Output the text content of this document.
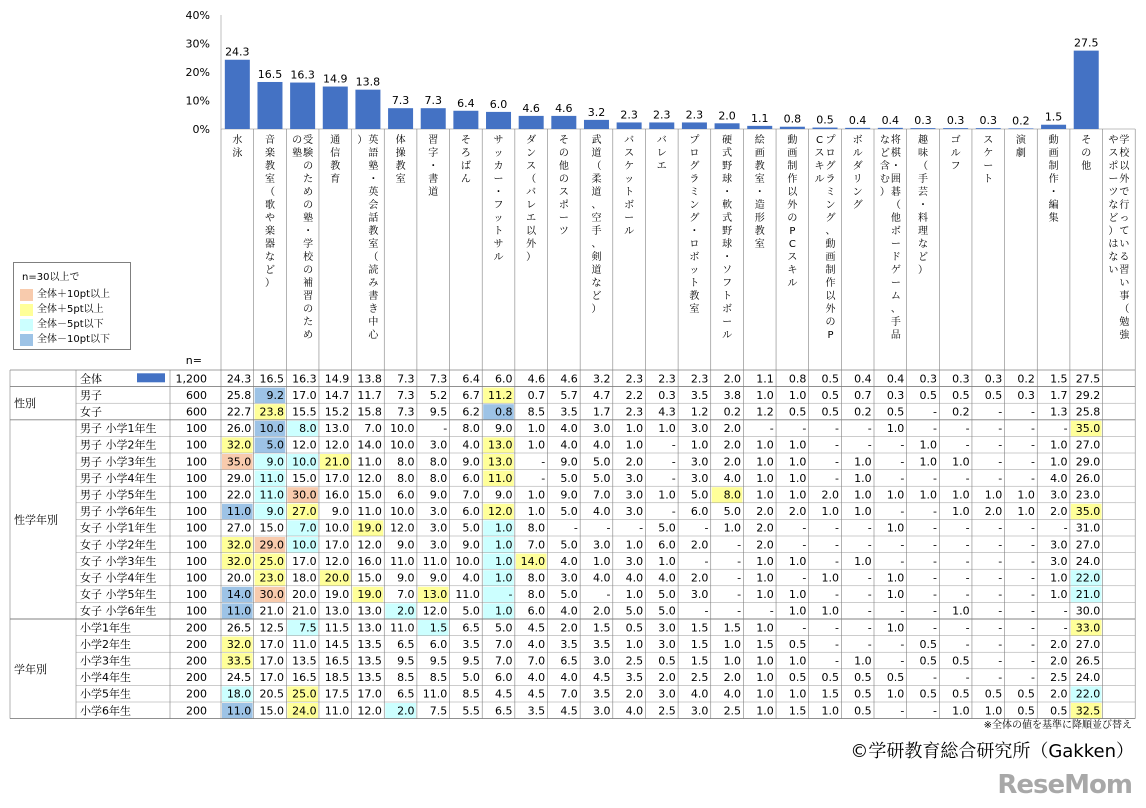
0%
10%
20%
30%
40%
24.3
16.5 16.3 14.9 13.8
7.3 7.3 6.4 6.0 4.6 4.6 3.2 2.3 2.3 2.3 2.0 1.1 0.8 0.5 0.4 0.4 0.3 0.3 0.3 0.2 1.5
27.5
水泳
音楽教室（歌や楽器など）
受験のための塾・学校の補習のため
の塾
通信教育
英語塾・英会話教室（読み書き中心
）	体操教室
習字・書道
そろばん
サッカー・フットサル
ダンス（バレエ以外）
その他のスポーツ
武道（柔道、空手、剣道など）
バスケットボール
バレエ
プログラミング・ロボット教室
硬式野球・軟式野球・ソフトボール
絵画教室・造形教室
動画制作以外の P C スキル
プログラミング、動画制作以外の P
C スキル
ボルダリング
将棋・囲碁（他ボードゲーム、手品
など含む）
趣味（手芸・料理など）
ゴルフ
スケート
演劇
動画制作・編集
その他
学校以外で行っている習い事（勉強
やスポーツなど）はない
n=
全体	1,200 24.3 16.5 16.3 14.9 13.8 7.3 7.3 6.4 6.0 4.6 4.6 3.2 2.3 2.3 2.3 2.0 1.1 0.8 0.5 0.4 0.4 0.3 0.3 0.3 0.2 1.5 27.5
男子	600 25.8 9.2 17.0 14.7 11.7 7.3 5.2 6.7 11.2 0.7 5.7 4.7 2.2 0.3 3.5 3.8 1.0 1.0 0.5 0.7 0.3 0.5 0.5 0.5 0.3 1.7 29.2
女子	600 22.7 23.8 15.5 15.2 15.8 7.3 9.5 6.2 0.8 8.5 3.5 1.7 2.3 4.3 1.2 0.2 1.2 0.5 0.5 0.2 0.5	- 0.2	-	- 1.3 25.8
男子 小学1年生	100 26.0 10.0 8.0 13.0 7.0 10.0	- 8.0 9.0 1.0 4.0 3.0 1.0 1.0 3.0 2.0	-	-	-	- 1.0	-	-	-	-	- 35.0
男子 小学2年生	100 32.0 5.0 12.0 12.0 14.0 10.0 3.0 4.0 13.0 1.0 4.0 4.0 1.0	- 1.0 2.0 1.0 1.0	-	-	- 1.0	-	-	- 1.0 27.0
男子 小学3年生	100 35.0 9.0 10.0 21.0 11.0 8.0 8.0 9.0 13.0	- 9.0 5.0 2.0	- 3.0 2.0 1.0 1.0	- 1.0	- 1.0 1.0	-	- 1.0 29.0
男子 小学4年生	100 29.0 11.0 15.0 17.0 12.0 8.0 8.0 6.0 11.0	- 5.0 5.0 3.0	- 3.0 4.0 1.0 1.0	- 1.0	-	-	-	-	- 4.0 26.0
男子 小学5年生	100 22.0 11.0 30.0 16.0 15.0 6.0 9.0 7.0 9.0 1.0 9.0 7.0 3.0 1.0 5.0 8.0 1.0 1.0 2.0 1.0 1.0 1.0 1.0 1.0 1.0 3.0 23.0
男子 小学6年生	100 11.0 9.0 27.0 9.0 11.0 10.0 3.0 6.0 12.0 1.0 5.0 4.0 3.0	- 6.0 5.0 2.0 2.0 1.0 1.0	-	- 1.0 2.0 1.0 2.0 35.0
女子 小学1年生	100 27.0 15.0 7.0 10.0 19.0 12.0 3.0 5.0 1.0 8.0	-	-	- 5.0	- 1.0 2.0	-	-	- 1.0	-	-	-	-	- 31.0
女子 小学2年生	100 32.0 29.0 10.0 17.0 12.0 9.0 3.0 9.0 1.0 7.0 5.0 3.0 1.0 6.0 2.0	- 2.0	-	-	-	-	-	-	-	- 3.0 27.0
女子 小学3年生	100 32.0 25.0 17.0 12.0 16.0 11.0 11.0 10.0 1.0 14.0 4.0 1.0 3.0 1.0	-	- 1.0 1.0	- 1.0	-	-	-	-	- 3.0 24.0
女子 小学4年生	100 20.0 23.0 18.0 20.0 15.0 9.0 9.0 4.0 1.0 8.0 3.0 4.0 4.0 4.0 2.0	- 1.0	- 1.0	- 1.0	-	-	-	- 1.0 22.0
女子 小学5年生	100 14.0 30.0 20.0 19.0 19.0 7.0 13.0 11.0	- 8.0 5.0	- 1.0 5.0 3.0	- 1.0 1.0	-	- 1.0	-	-	-	- 1.0 21.0
女子 小学6年生	100 11.0 21.0 21.0 13.0 13.0 2.0 12.0 5.0 1.0 6.0 4.0 2.0 5.0 5.0	-	-	- 1.0 1.0	-	-	- 1.0	-	-	- 30.0
小学1年生	200 26.5 12.5 7.5 11.5 13.0 11.0 1.5 6.5 5.0 4.5 2.0 1.5 0.5 3.0 1.5 1.5 1.0	-	-	- 1.0	-	-	-	-	- 33.0
小学2年生	200 32.0 17.0 11.0 14.5 13.5 6.5 6.0 3.5 7.0 4.0 3.5 3.5 1.0 3.0 1.5 1.0 1.5 0.5	-	-	- 0.5	-	-	- 2.0 27.0
小学3年生	200 33.5 17.0 13.5 16.5 13.5 9.5 9.5 9.5 7.0 7.0 6.5 3.0 2.5 0.5 1.5 1.0 1.0 1.0	- 1.0	- 0.5 0.5	-	- 2.0 26.5
小学4年生	200 24.5 17.0 16.5 18.5 13.5 8.5 8.5 5.0 6.0 4.0 4.0 4.5 3.5 2.0 2.5 2.0 1.0 0.5 0.5 0.5 0.5	-	-	-	- 2.5 24.0
小学5年生	200 18.0 20.5 25.0 17.5 17.0 6.5 11.0 8.5 4.5 4.5 7.0 3.5 2.0 3.0 4.0 4.0 1.0 1.0 1.5 0.5 1.0 0.5 0.5 0.5 0.5 2.0 22.0
小学6年生	200 11.0 15.0 24.0 11.0 12.0 2.0 7.5 5.5 6.5 3.5 4.5 3.0 4.0 2.5 3.0 2.5 1.0 1.5 1.0 0.5	-	- 1.0 1.0 0.5 0.5 32.5
性別
性学年別
学年別
n=30以上で
全体＋10pt以上
全体＋5pt以上
全体－5pt以下
全体－10pt以下
※全体の値を基準に降順並び替え
©学研教育総合研究所（Gakken）
ReseMom
